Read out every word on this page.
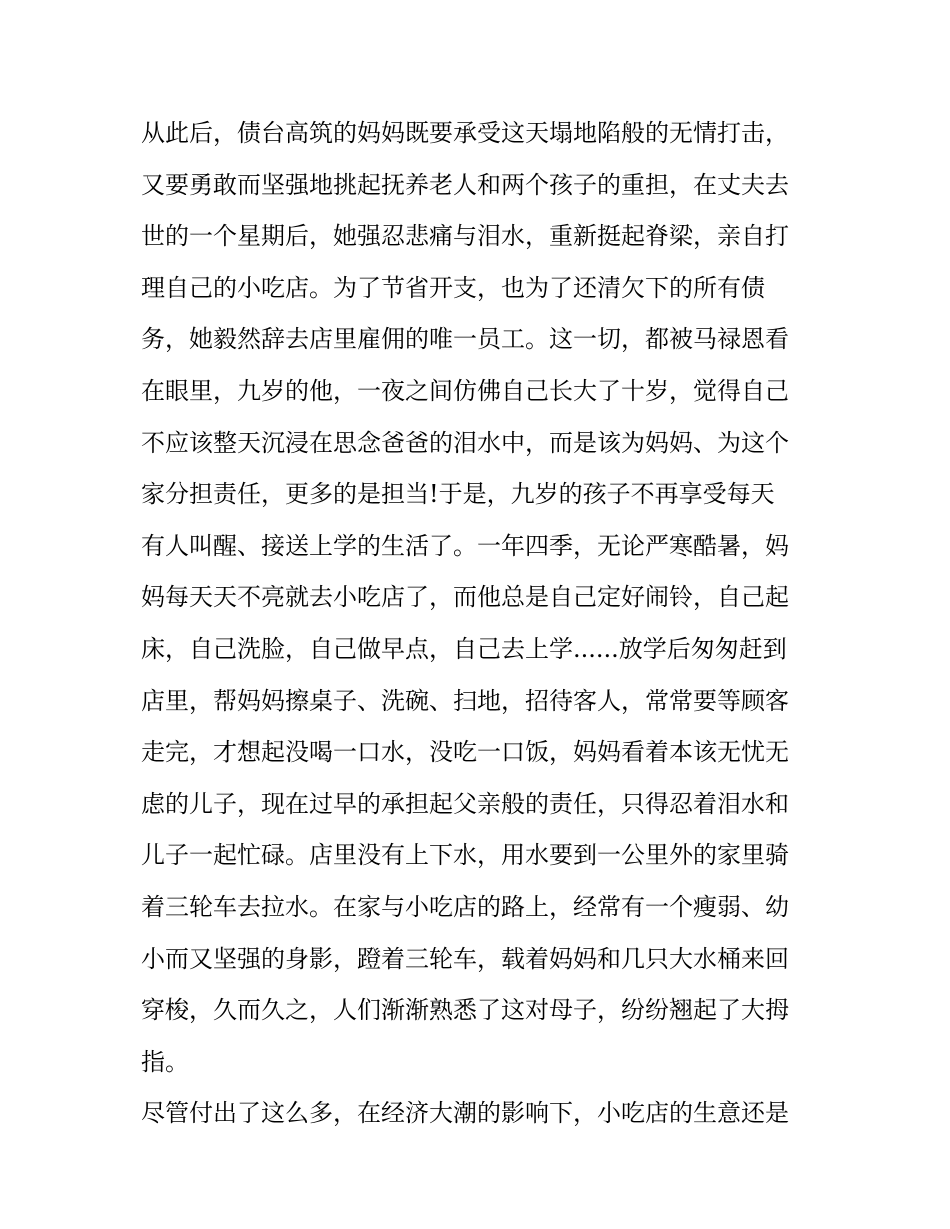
从此后，债台高筑的妈妈既要承受这天塌地陷般的无情打击，
又要勇敢而坚强地挑起抚养老人和两个孩子的重担，在丈夫去
世的一个星期后，她强忍悲痛与泪水，重新挺起脊梁，亲自打
理自己的小吃店。为了节省开支，也为了还清欠下的所有债
务，她毅然辞去店里雇佣的唯一员工。这一切，都被马禄恩看
在眼里，九岁的他，一夜之间仿佛自己长大了十岁，觉得自己
不应该整天沉浸在思念爸爸的泪水中，而是该为妈妈、为这个
家分担责任，更多的是担当!于是，九岁的孩子不再享受每天
有人叫醒、接送上学的生活了。一年四季，无论严寒酷暑，妈
妈每天天不亮就去小吃店了，而他总是自己定好闹铃，自己起
床，自己洗脸，自己做早点，自己去上学......放学后匆匆赶到
店里，帮妈妈擦桌子、洗碗、扫地，招待客人，常常要等顾客
走完，才想起没喝一口水，没吃一口饭，妈妈看着本该无忧无
虑的儿子，现在过早的承担起父亲般的责任，只得忍着泪水和
儿子一起忙碌。店里没有上下水，用水要到一公里外的家里骑
着三轮车去拉水。在家与小吃店的路上，经常有一个瘦弱、幼
小而又坚强的身影，蹬着三轮车，载着妈妈和几只大水桶来回
穿梭，久而久之，人们渐渐熟悉了这对母子，纷纷翘起了大拇
指。
尽管付出了这么多，在经济大潮的影响下，小吃店的生意还是
